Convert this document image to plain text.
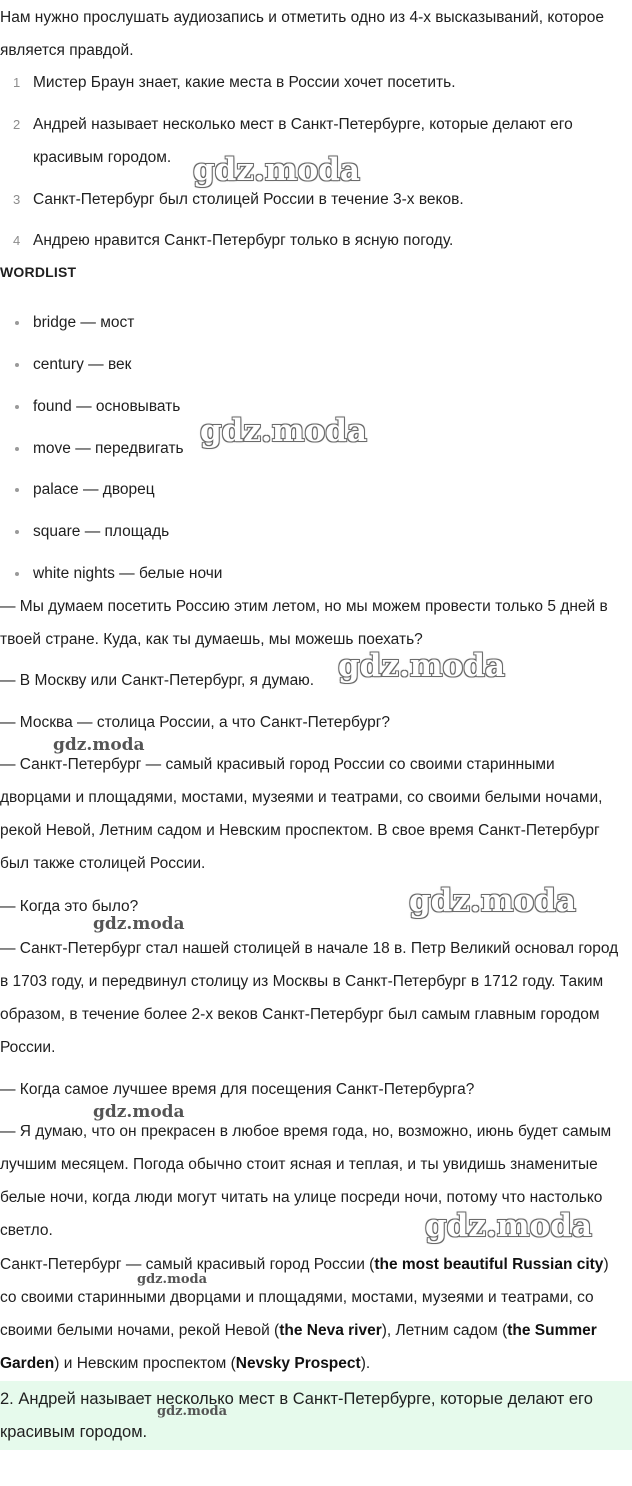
Нам нужно прослушать аудиозапись и отметить одно из 4-х высказываний, которое является правдой.

1 Мистер Браун знает, какие места в России хочет посетить.
2 Андрей называет несколько мест в Санкт-Петербурге, которые делают его красивым городом.
3 Санкт-Петербург был столицей России в течение 3-х веков.
4 Андрею нравится Санкт-Петербург только в ясную погоду.
WORDLIST
bridge — мост
century — век
found — основывать
move — передвигать
palace — дворец
square — площадь
white nights — белые ночи

— Мы думаем посетить Россию этим летом, но мы можем провести только 5 дней в твоей стране. Куда, как ты думаешь, мы можешь поехать?

— В Москву или Санкт-Петербург, я думаю.

— Москва — столица России, а что Санкт-Петербург?

— Санкт-Петербург — самый красивый город России со своими старинными дворцами и площадями, мостами, музеями и театрами, со своими белыми ночами, рекой Невой, Летним садом и Невским проспектом. В свое время Санкт-Петербург был также столицей России.

— Когда это было?

— Санкт-Петербург стал нашей столицей в начале 18 в. Петр Великий основал город в 1703 году, и передвинул столицу из Москвы в Санкт-Петербург в 1712 году. Таким образом, в течение более 2-х веков Санкт-Петербург был самым главным городом России.

— Когда самое лучшее время для посещения Санкт-Петербурга?

— Я думаю, что он прекрасен в любое время года, но, возможно, июнь будет самым лучшим месяцем. Погода обычно стоит ясная и теплая, и ты увидишь знаменитые белые ночи, когда люди могут читать на улице посреди ночи, потому что настолько светло.

Санкт-Петербург — самый красивый город России (the most beautiful Russian city) со своими старинными дворцами и площадями, мостами, музеями и театрами, со своими белыми ночами, рекой Невой (the Neva river), Летним садом (the Summer Garden) и Невским проспектом (Nevsky Prospect).

2. Андрей называет несколько мест в Санкт-Петербурге, которые делают его красивым городом.

gdz.moda
gdz.moda
gdz.moda
gdz.moda
gdz.moda
gdz.moda
gdz.moda
gdz.moda
gdz.moda
gdz.moda
